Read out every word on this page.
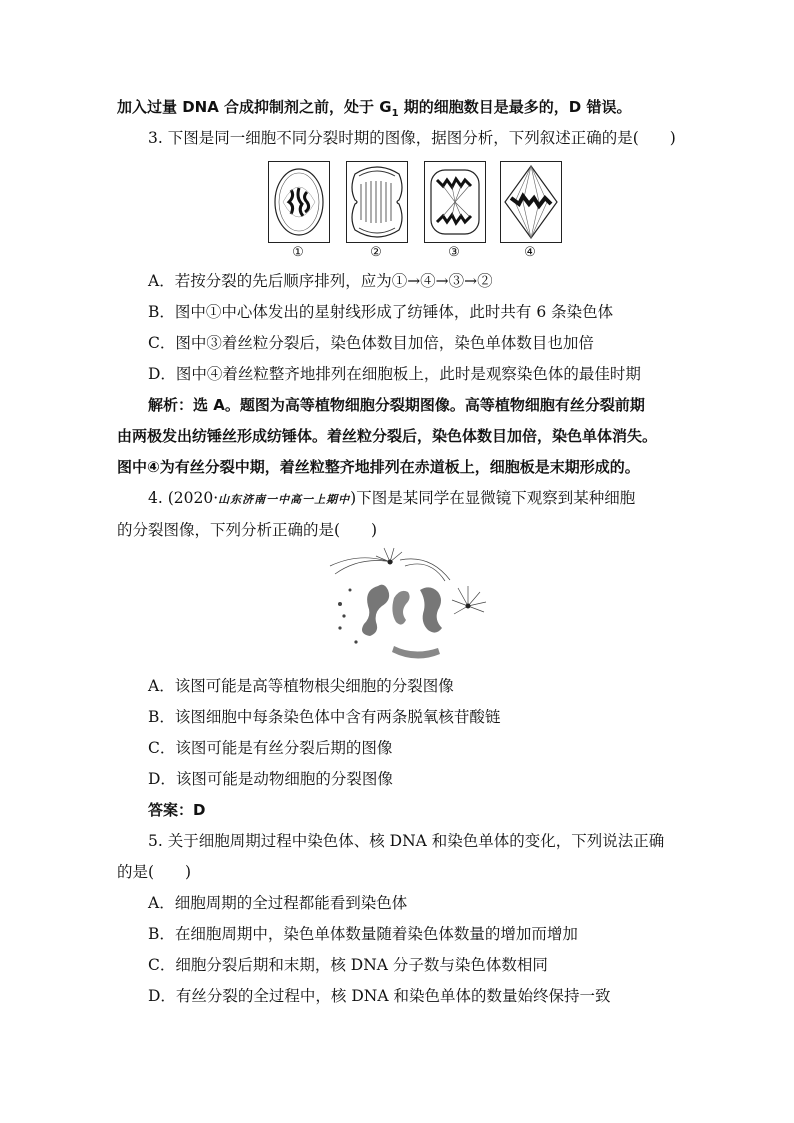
加入过量 DNA 合成抑制剂之前，处于 $G_1$ 期的细胞数目是最多的，D 错误。
3. 下图是同一细胞不同分裂时期的图像，据图分析，下列叙述正确的是(　　)
①	②	③	④
A．若按分裂的先后顺序排列，应为①→④→③→②
B．图中①中心体发出的星射线形成了纺锤体，此时共有 6 条染色体
C．图中③着丝粒分裂后，染色体数目加倍，染色单体数目也加倍
D．图中④着丝粒整齐地排列在细胞板上，此时是观察染色体的最佳时期
解析：选 A。题图为高等植物细胞分裂期图像。高等植物细胞有丝分裂前期
由两极发出纺锤丝形成纺锤体。着丝粒分裂后，染色体数目加倍，染色单体消失。
图中④为有丝分裂中期，着丝粒整齐地排列在赤道板上，细胞板是末期形成的。
4. (2020·山东济南一中高一上期中)下图是某同学在显微镜下观察到某种细胞
的分裂图像，下列分析正确的是(　　)
A．该图可能是高等植物根尖细胞的分裂图像
B．该图细胞中每条染色体中含有两条脱氧核苷酸链
C．该图可能是有丝分裂后期的图像
D．该图可能是动物细胞的分裂图像
答案：D
5. 关于细胞周期过程中染色体、核 DNA 和染色单体的变化，下列说法正确
的是(　　)
A．细胞周期的全过程都能看到染色体
B．在细胞周期中，染色单体数量随着染色体数量的增加而增加
C．细胞分裂后期和末期，核 DNA 分子数与染色体数相同
D．有丝分裂的全过程中，核 DNA 和染色单体的数量始终保持一致
